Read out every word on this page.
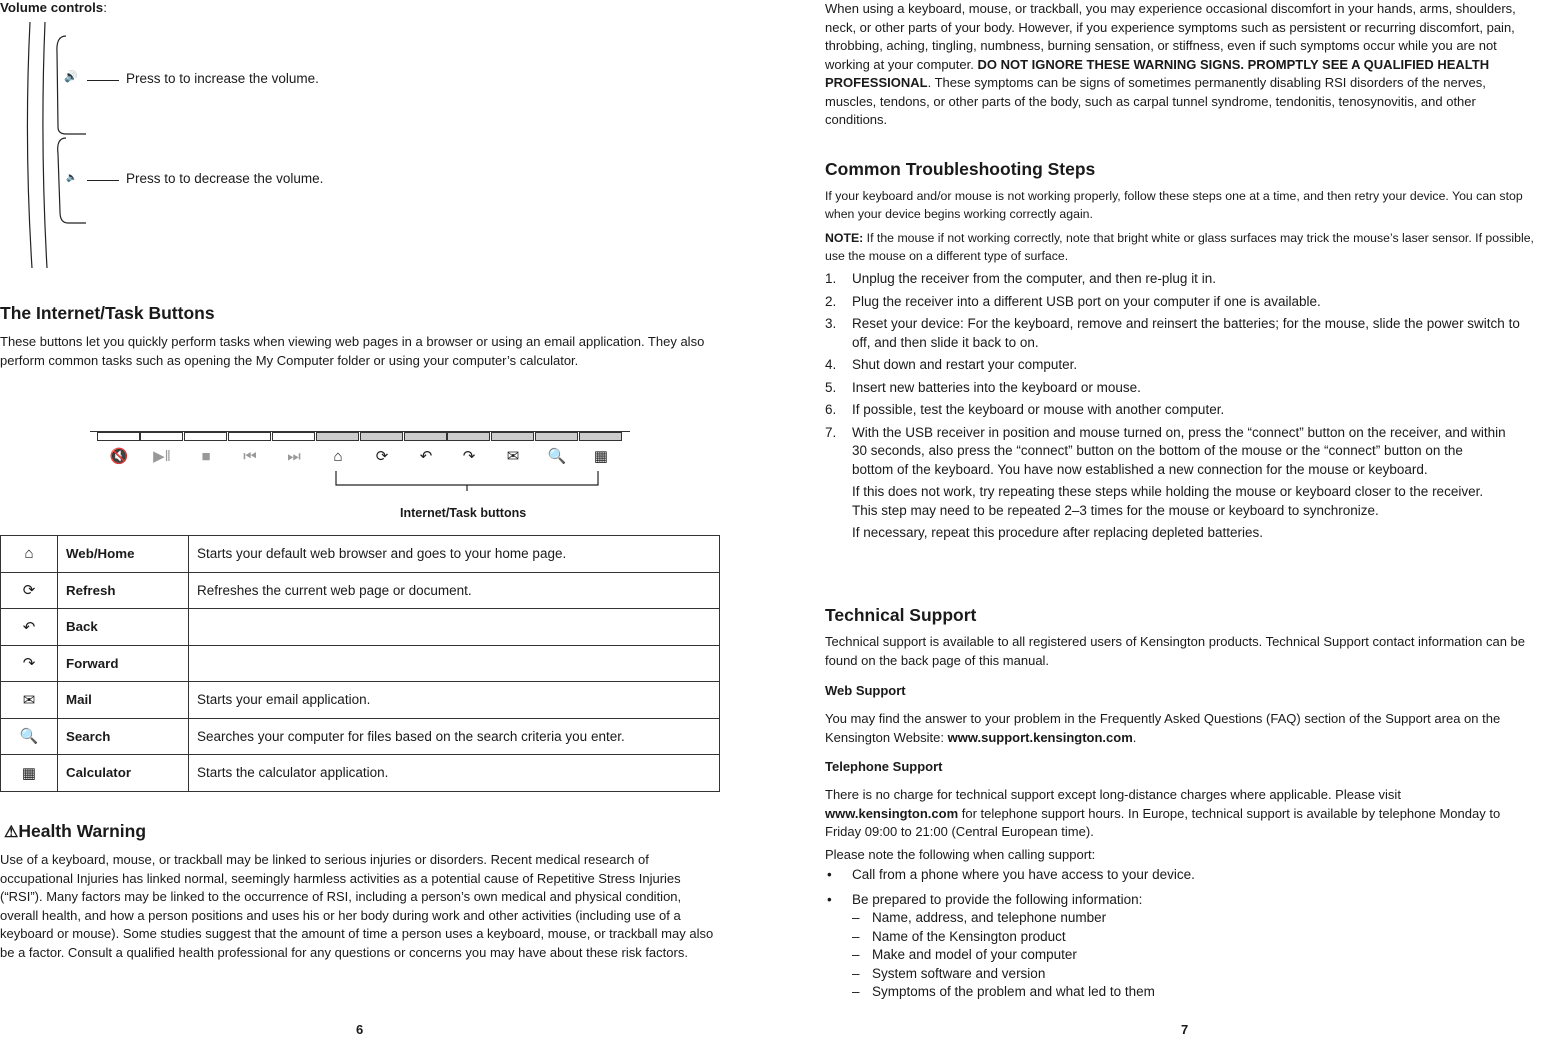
Volume controls:

🔊
🔈
Press to to increase the volume.
Press to to decrease the volume.
The Internet/Task Buttons

These buttons let you quickly perform tasks when viewing web pages in a browser or using an email application. They also perform common tasks such as opening the My Computer folder or using your computer’s calculator.

🔇 ▶‖	■	⏮	⏭	⌂	⟳	↶	↷	✉	🔍	▦
Internet/Task buttons
⌂	Web/Home	Starts your default web browser and goes to your home page.
⟳	Refresh	Refreshes the current web page or document.
↶	Back	
↷	Forward	
✉	Mail	Starts your email application.
🔍	Search	Searches your computer for files based on the search criteria you enter.
▦	Calculator	Starts the calculator application.
⚠Health Warning

Use of a keyboard, mouse, or trackball may be linked to serious injuries or disorders. Recent medical research of occupational Injuries has linked normal, seemingly harmless activities as a potential cause of Repetitive Stress Injuries (“RSI”). Many factors may be linked to the occurrence of RSI, including a person’s own medical and physical condition, overall health, and how a person positions and uses his or her body during work and other activities (including use of a keyboard or mouse). Some studies suggest that the amount of time a person uses a keyboard, mouse, or trackball may also be a factor. Consult a qualified health professional for any questions or concerns you may have about these risk factors.

6

When using a keyboard, mouse, or trackball, you may experience occasional discomfort in your hands, arms, shoulders, neck, or other parts of your body. However, if you experience symptoms such as persistent or recurring discomfort, pain, throbbing, aching, tingling, numbness, burning sensation, or stiffness, even if such symptoms occur while you are not working at your computer. DO NOT IGNORE THESE WARNING SIGNS. PROMPTLY SEE A QUALIFIED HEALTH PROFESSIONAL. These symptoms can be signs of sometimes permanently disabling RSI disorders of the nerves, muscles, tendons, or other parts of the body, such as carpal tunnel syndrome, tendonitis, tenosynovitis, and other conditions.

Common Troubleshooting Steps

If your keyboard and/or mouse is not working properly, follow these steps one at a time, and then retry your device. You can stop when your device begins working correctly again.

NOTE: If the mouse if not working correctly, note that bright white or glass surfaces may trick the mouse’s laser sensor. If possible, use the mouse on a different type of surface.

1. Unplug the receiver from the computer, and then re-plug it in.
2. Plug the receiver into a different USB port on your computer if one is available.
3. Reset your device: For the keyboard, remove and reinsert the batteries; for the mouse, slide the power switch to off, and then slide it back to on.
4. Shut down and restart your computer.
5. Insert new batteries into the keyboard or mouse.
6. If possible, test the keyboard or mouse with another computer.
7. With the USB receiver in position and mouse turned on, press the “connect” button on the receiver, and within 30 seconds, also press the “connect” button on the bottom of the mouse or the “connect” button on the bottom of the keyboard. You have now established a new connection for the mouse or keyboard.

If this does not work, try repeating these steps while holding the mouse or keyboard closer to the receiver. This step may need to be repeated 2–3 times for the mouse or keyboard to synchronize.

If necessary, repeat this procedure after replacing depleted batteries.

Technical Support

Technical support is available to all registered users of Kensington products. Technical Support contact information can be found on the back page of this manual.

Web Support

You may find the answer to your problem in the Frequently Asked Questions (FAQ) section of the Support area on the Kensington Website: www.support.kensington.com.

Telephone Support

There is no charge for technical support except long-distance charges where applicable. Please visit www.kensington.com for telephone support hours. In Europe, technical support is available by telephone Monday to Friday 09:00 to 21:00 (Central European time).

Please note the following when calling support:

• Call from a phone where you have access to your device.
• Be prepared to provide the following information:
– Name, address, and telephone number
– Name of the Kensington product
– Make and model of your computer
– System software and version
– Symptoms of the problem and what led to them
7
